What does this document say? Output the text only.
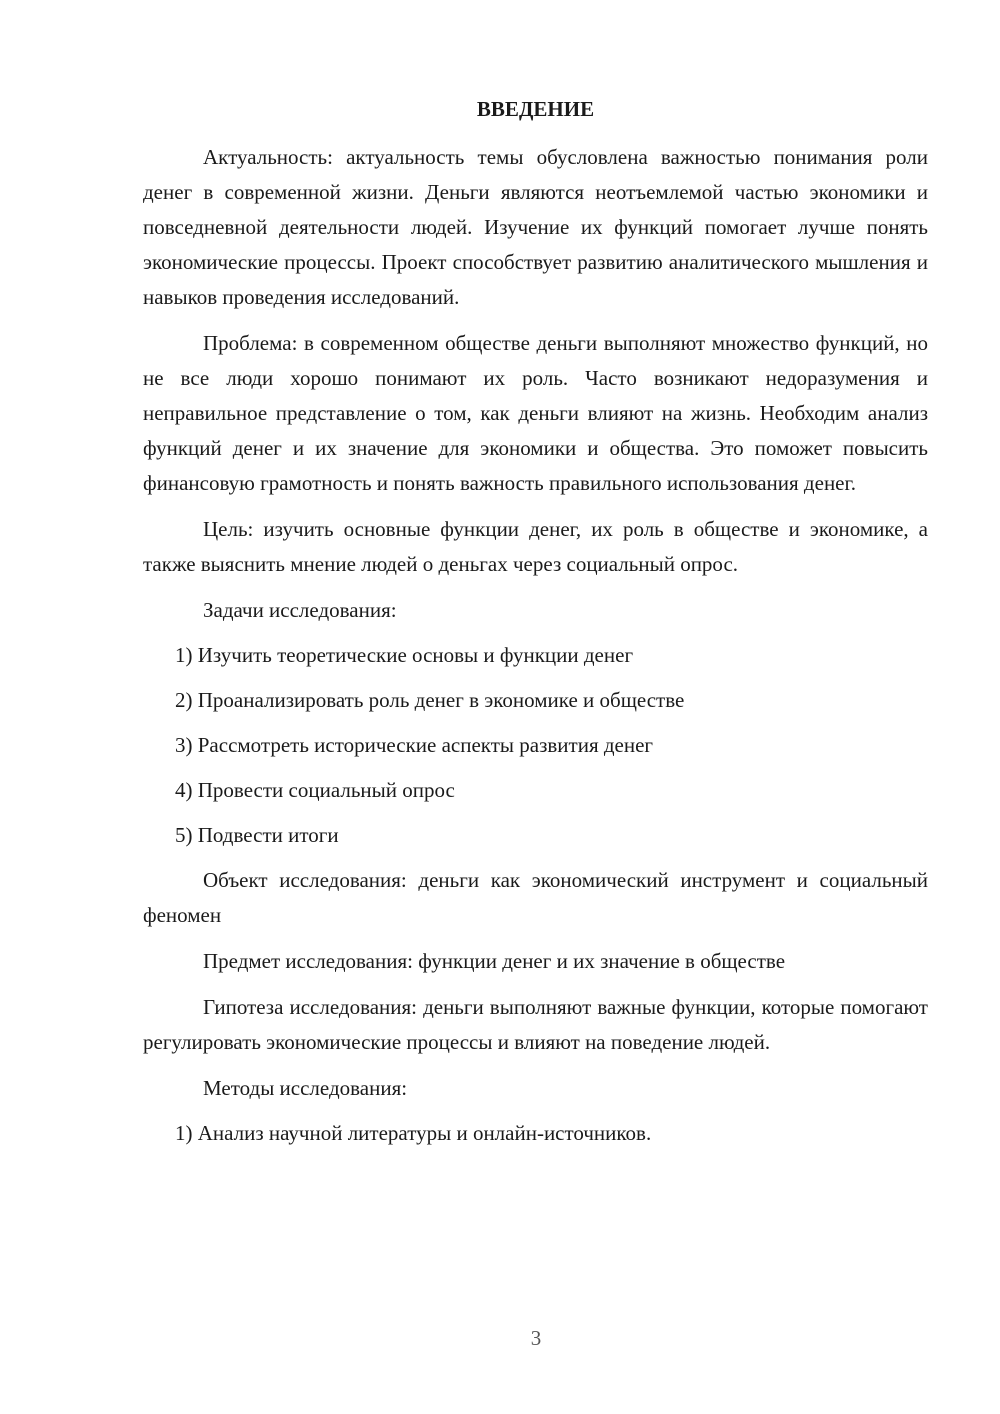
ВВЕДЕНИЕ

Актуальность: актуальность темы обусловлена важностью понимания роли денег в современной жизни. Деньги являются неотъемлемой частью экономики и повседневной деятельности людей. Изучение их функций помогает лучше понять экономические процессы. Проект способствует развитию аналитического мышления и навыков проведения исследований.

Проблема: в современном обществе деньги выполняют множество функций, но не все люди хорошо понимают их роль. Часто возникают недоразумения и неправильное представление о том, как деньги влияют на жизнь. Необходим анализ функций денег и их значение для экономики и общества. Это поможет повысить финансовую грамотность и понять важность правильного использования денег.

Цель: изучить основные функции денег, их роль в обществе и экономике, а также выяснить мнение людей о деньгах через социальный опрос.

Задачи исследования:
1) Изучить теоретические основы и функции денег
2) Проанализировать роль денег в экономике и обществе
3) Рассмотреть исторические аспекты развития денег
4) Провести социальный опрос
5) Подвести итоги

Объект исследования: деньги как экономический инструмент и социальный феномен

Предмет исследования: функции денег и их значение в обществе

Гипотеза исследования: деньги выполняют важные функции, которые помогают регулировать экономические процессы и влияют на поведение людей.

Методы исследования:
1) Анализ научной литературы и онлайн-источников.
3
